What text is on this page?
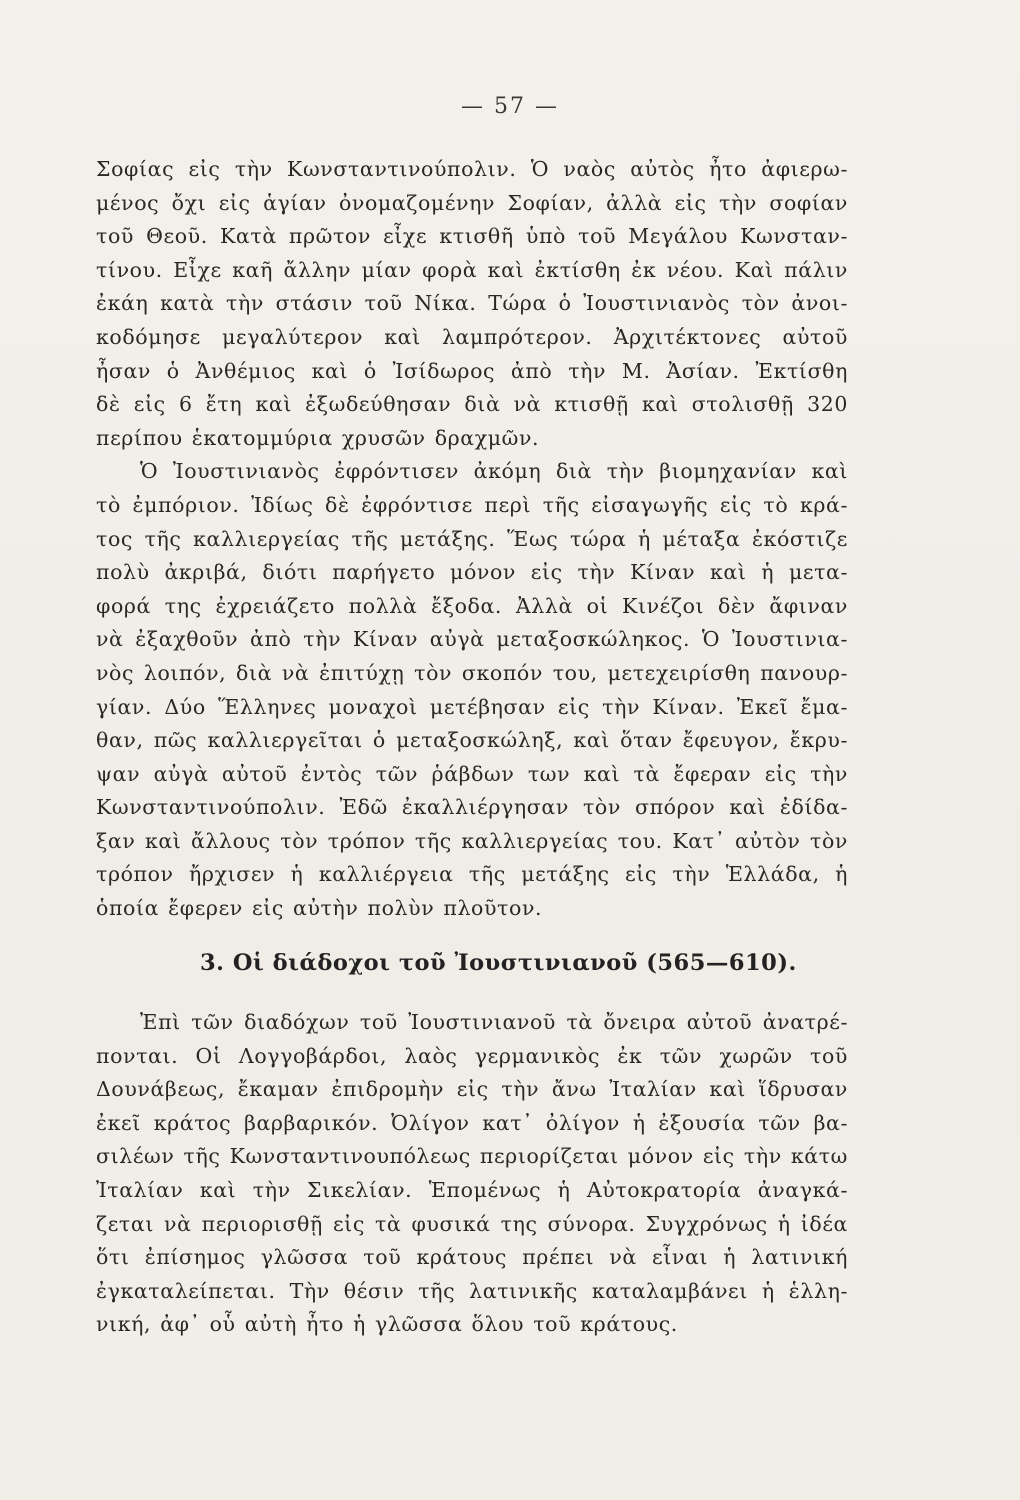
— 57 —
Σοφίας εἰς τὴν Κωνσταντινούπολιν. Ὁ ναὸς αὐτὸς ἦτο ἀφιερω-
μένος ὄχι εἰς ἁγίαν ὀνομαζομένην Σοφίαν, ἀλλὰ εἰς τὴν σοφίαν
τοῦ Θεοῦ. Κατὰ πρῶτον εἶχε κτισθῆ ὑπὸ τοῦ Μεγάλου Κωνσταν-
τίνου. Εἶχε καῆ ἄλλην μίαν φορὰ καὶ ἐκτίσθη ἐκ νέου. Καὶ πάλιν
ἐκάη κατὰ τὴν στάσιν τοῦ Νίκα. Τώρα ὁ Ἰουστινιανὸς τὸν ἀνοι-
κοδόμησε μεγαλύτερον καὶ λαμπρότερον. Ἀρχιτέκτονες αὐτοῦ
ἦσαν ὁ Ἀνθέμιος καὶ ὁ Ἰσίδωρος ἀπὸ τὴν Μ. Ἀσίαν. Ἐκτίσθη
δὲ εἰς 6 ἔτη καὶ ἐξωδεύθησαν διὰ νὰ κτισθῇ καὶ στολισθῇ 320
περίπου ἑκατομμύρια χρυσῶν δραχμῶν.
Ὁ Ἰουστινιανὸς ἐφρόντισεν ἀκόμη διὰ τὴν βιομηχανίαν καὶ
τὸ ἐμπόριον. Ἰδίως δὲ ἐφρόντισε περὶ τῆς εἰσαγωγῆς εἰς τὸ κρά-
τος τῆς καλλιεργείας τῆς μετάξης. Ἕως τώρα ἡ μέταξα ἐκόστιζε
πολὺ ἀκριβά, διότι παρήγετο μόνον εἰς τὴν Κίναν καὶ ἡ μετα-
φορά της ἐχρειάζετο πολλὰ ἔξοδα. Ἀλλὰ οἱ Κινέζοι δὲν ἄφιναν
νὰ ἐξαχθοῦν ἀπὸ τὴν Κίναν αὐγὰ μεταξοσκώληκος. Ὁ Ἰουστινια-
νὸς λοιπόν, διὰ νὰ ἐπιτύχῃ τὸν σκοπόν του, μετεχειρίσθη πανουρ-
γίαν. Δύο Ἕλληνες μοναχοὶ μετέβησαν εἰς τὴν Κίναν. Ἐκεῖ ἔμα-
θαν, πῶς καλλιεργεῖται ὁ μεταξοσκώληξ, καὶ ὅταν ἔφευγον, ἔκρυ-
ψαν αὐγὰ αὐτοῦ ἐντὸς τῶν ῥάβδων των καὶ τὰ ἔφεραν εἰς τὴν
Κωνσταντινούπολιν. Ἐδῶ ἐκαλλιέργησαν τὸν σπόρον καὶ ἐδίδα-
ξαν καὶ ἄλλους τὸν τρόπον τῆς καλλιεργείας του. Κατ᾽ αὐτὸν τὸν
τρόπον ἤρχισεν ἡ καλλιέργεια τῆς μετάξης εἰς τὴν Ἑλλάδα, ἡ
ὁποία ἔφερεν εἰς αὐτὴν πολὺν πλοῦτον.
3. Οἱ διάδοχοι τοῦ Ἰουστινιανοῦ (565—610).
Ἐπὶ τῶν διαδόχων τοῦ Ἰουστινιανοῦ τὰ ὄνειρα αὐτοῦ ἀνατρέ-
πονται. Οἱ Λογγοβάρδοι, λαὸς γερμανικὸς ἐκ τῶν χωρῶν τοῦ
Δουνάβεως, ἔκαμαν ἐπιδρομὴν εἰς τὴν ἄνω Ἰταλίαν καὶ ἵδρυσαν
ἐκεῖ κράτος βαρβαρικόν. Ὀλίγον κατ᾽ ὀλίγον ἡ ἐξουσία τῶν βα-
σιλέων τῆς Κωνσταντινουπόλεως περιορίζεται μόνον εἰς τὴν κάτω
Ἰταλίαν καὶ τὴν Σικελίαν. Ἑπομένως ἡ Αὐτοκρατορία ἀναγκά-
ζεται νὰ περιορισθῇ εἰς τὰ φυσικά της σύνορα. Συγχρόνως ἡ ἰδέα
ὅτι ἐπίσημος γλῶσσα τοῦ κράτους πρέπει νὰ εἶναι ἡ λατινική
ἐγκαταλείπεται. Τὴν θέσιν τῆς λατινικῆς καταλαμβάνει ἡ ἑλλη-
νική, ἀφ᾽ οὗ αὐτὴ ἦτο ἡ γλῶσσα ὅλου τοῦ κράτους.
